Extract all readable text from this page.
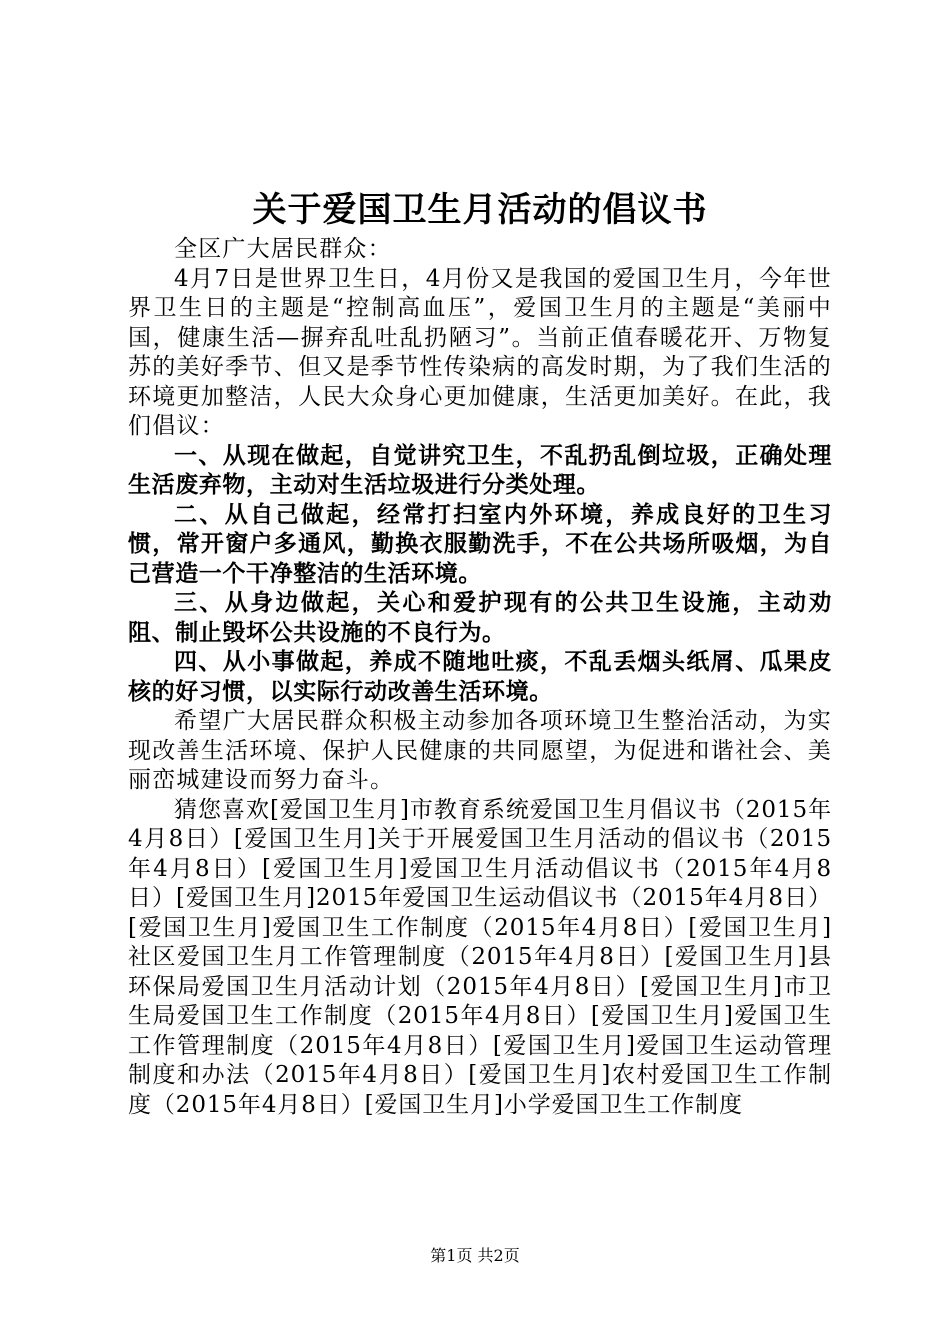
关于爱国卫生月活动的倡议书

全区广大居民群众：

4月7日是世界卫生日，4月份又是我国的爱国卫生月，今年世界卫生日的主题是“控制高血压”，爱国卫生月的主题是“美丽中国，健康生活—摒弃乱吐乱扔陋习”。当前正值春暖花开、万物复苏的美好季节、但又是季节性传染病的高发时期，为了我们生活的环境更加整洁，人民大众身心更加健康，生活更加美好。在此，我们倡议：

一、从现在做起，自觉讲究卫生，不乱扔乱倒垃圾，正确处理生活废弃物，主动对生活垃圾进行分类处理。

二、从自己做起，经常打扫室内外环境，养成良好的卫生习惯，常开窗户多通风，勤换衣服勤洗手，不在公共场所吸烟，为自己营造一个干净整洁的生活环境。

三、从身边做起，关心和爱护现有的公共卫生设施，主动劝阻、制止毁坏公共设施的不良行为。

四、从小事做起，养成不随地吐痰，不乱丢烟头纸屑、瓜果皮核的好习惯，以实际行动改善生活环境。

希望广大居民群众积极主动参加各项环境卫生整治活动，为实现改善生活环境、保护人民健康的共同愿望，为促进和谐社会、美丽峦城建设而努力奋斗。

猜您喜欢[爱国卫生月]市教育系统爱国卫生月倡议书（2015年4月8日）[爱国卫生月]关于开展爱国卫生月活动的倡议书（2015年4月8日）[爱国卫生月]爱国卫生月活动倡议书（2015年4月8日）[爱国卫生月]2015年爱国卫生运动倡议书（2015年4月8日）[爱国卫生月]爱国卫生工作制度（2015年4月8日）[爱国卫生月]社区爱国卫生月工作管理制度（2015年4月8日）[爱国卫生月]县环保局爱国卫生月活动计划（2015年4月8日）[爱国卫生月]市卫生局爱国卫生工作制度（2015年4月8日）[爱国卫生月]爱国卫生工作管理制度（2015年4月8日）[爱国卫生月]爱国卫生运动管理制度和办法（2015年4月8日）[爱国卫生月]农村爱国卫生工作制度（2015年4月8日）[爱国卫生月]小学爱国卫生工作制度

第1页 共2页
